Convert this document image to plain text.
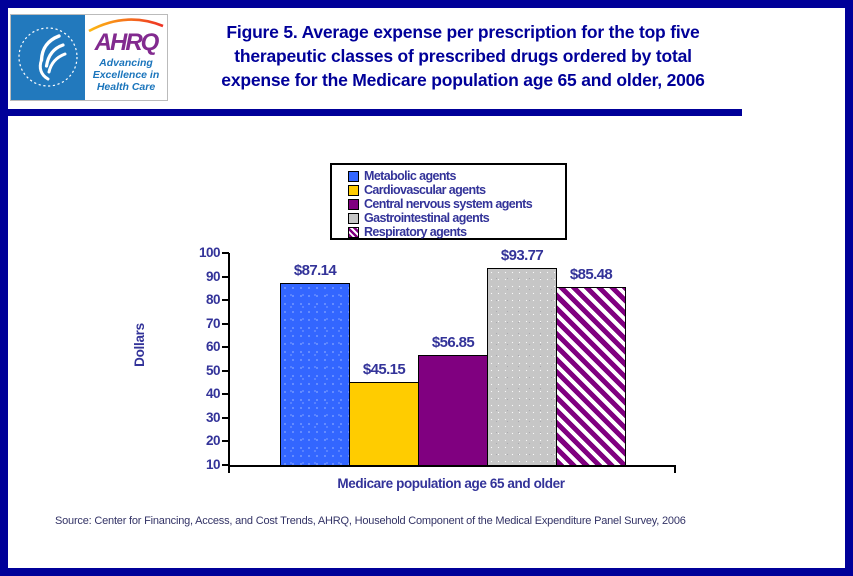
AHRQ
Advancing
Excellence in
Health Care
Figure 5. Average expense per prescription for the top five
therapeutic classes of prescribed drugs ordered by total
expense for the Medicare population age 65 and older, 2006
Metabolic agents
Cardiovascular agents
Central nervous system agents
Gastrointestinal agents
Respiratory agents
100
90
80
70
60
50
40
30
20
10
$87.14
$45.15
$56.85
$93.77
$85.48
Dollars
Medicare population age 65 and older
Source: Center for Financing, Access, and Cost Trends, AHRQ, Household Component of the Medical Expenditure Panel Survey, 2006
